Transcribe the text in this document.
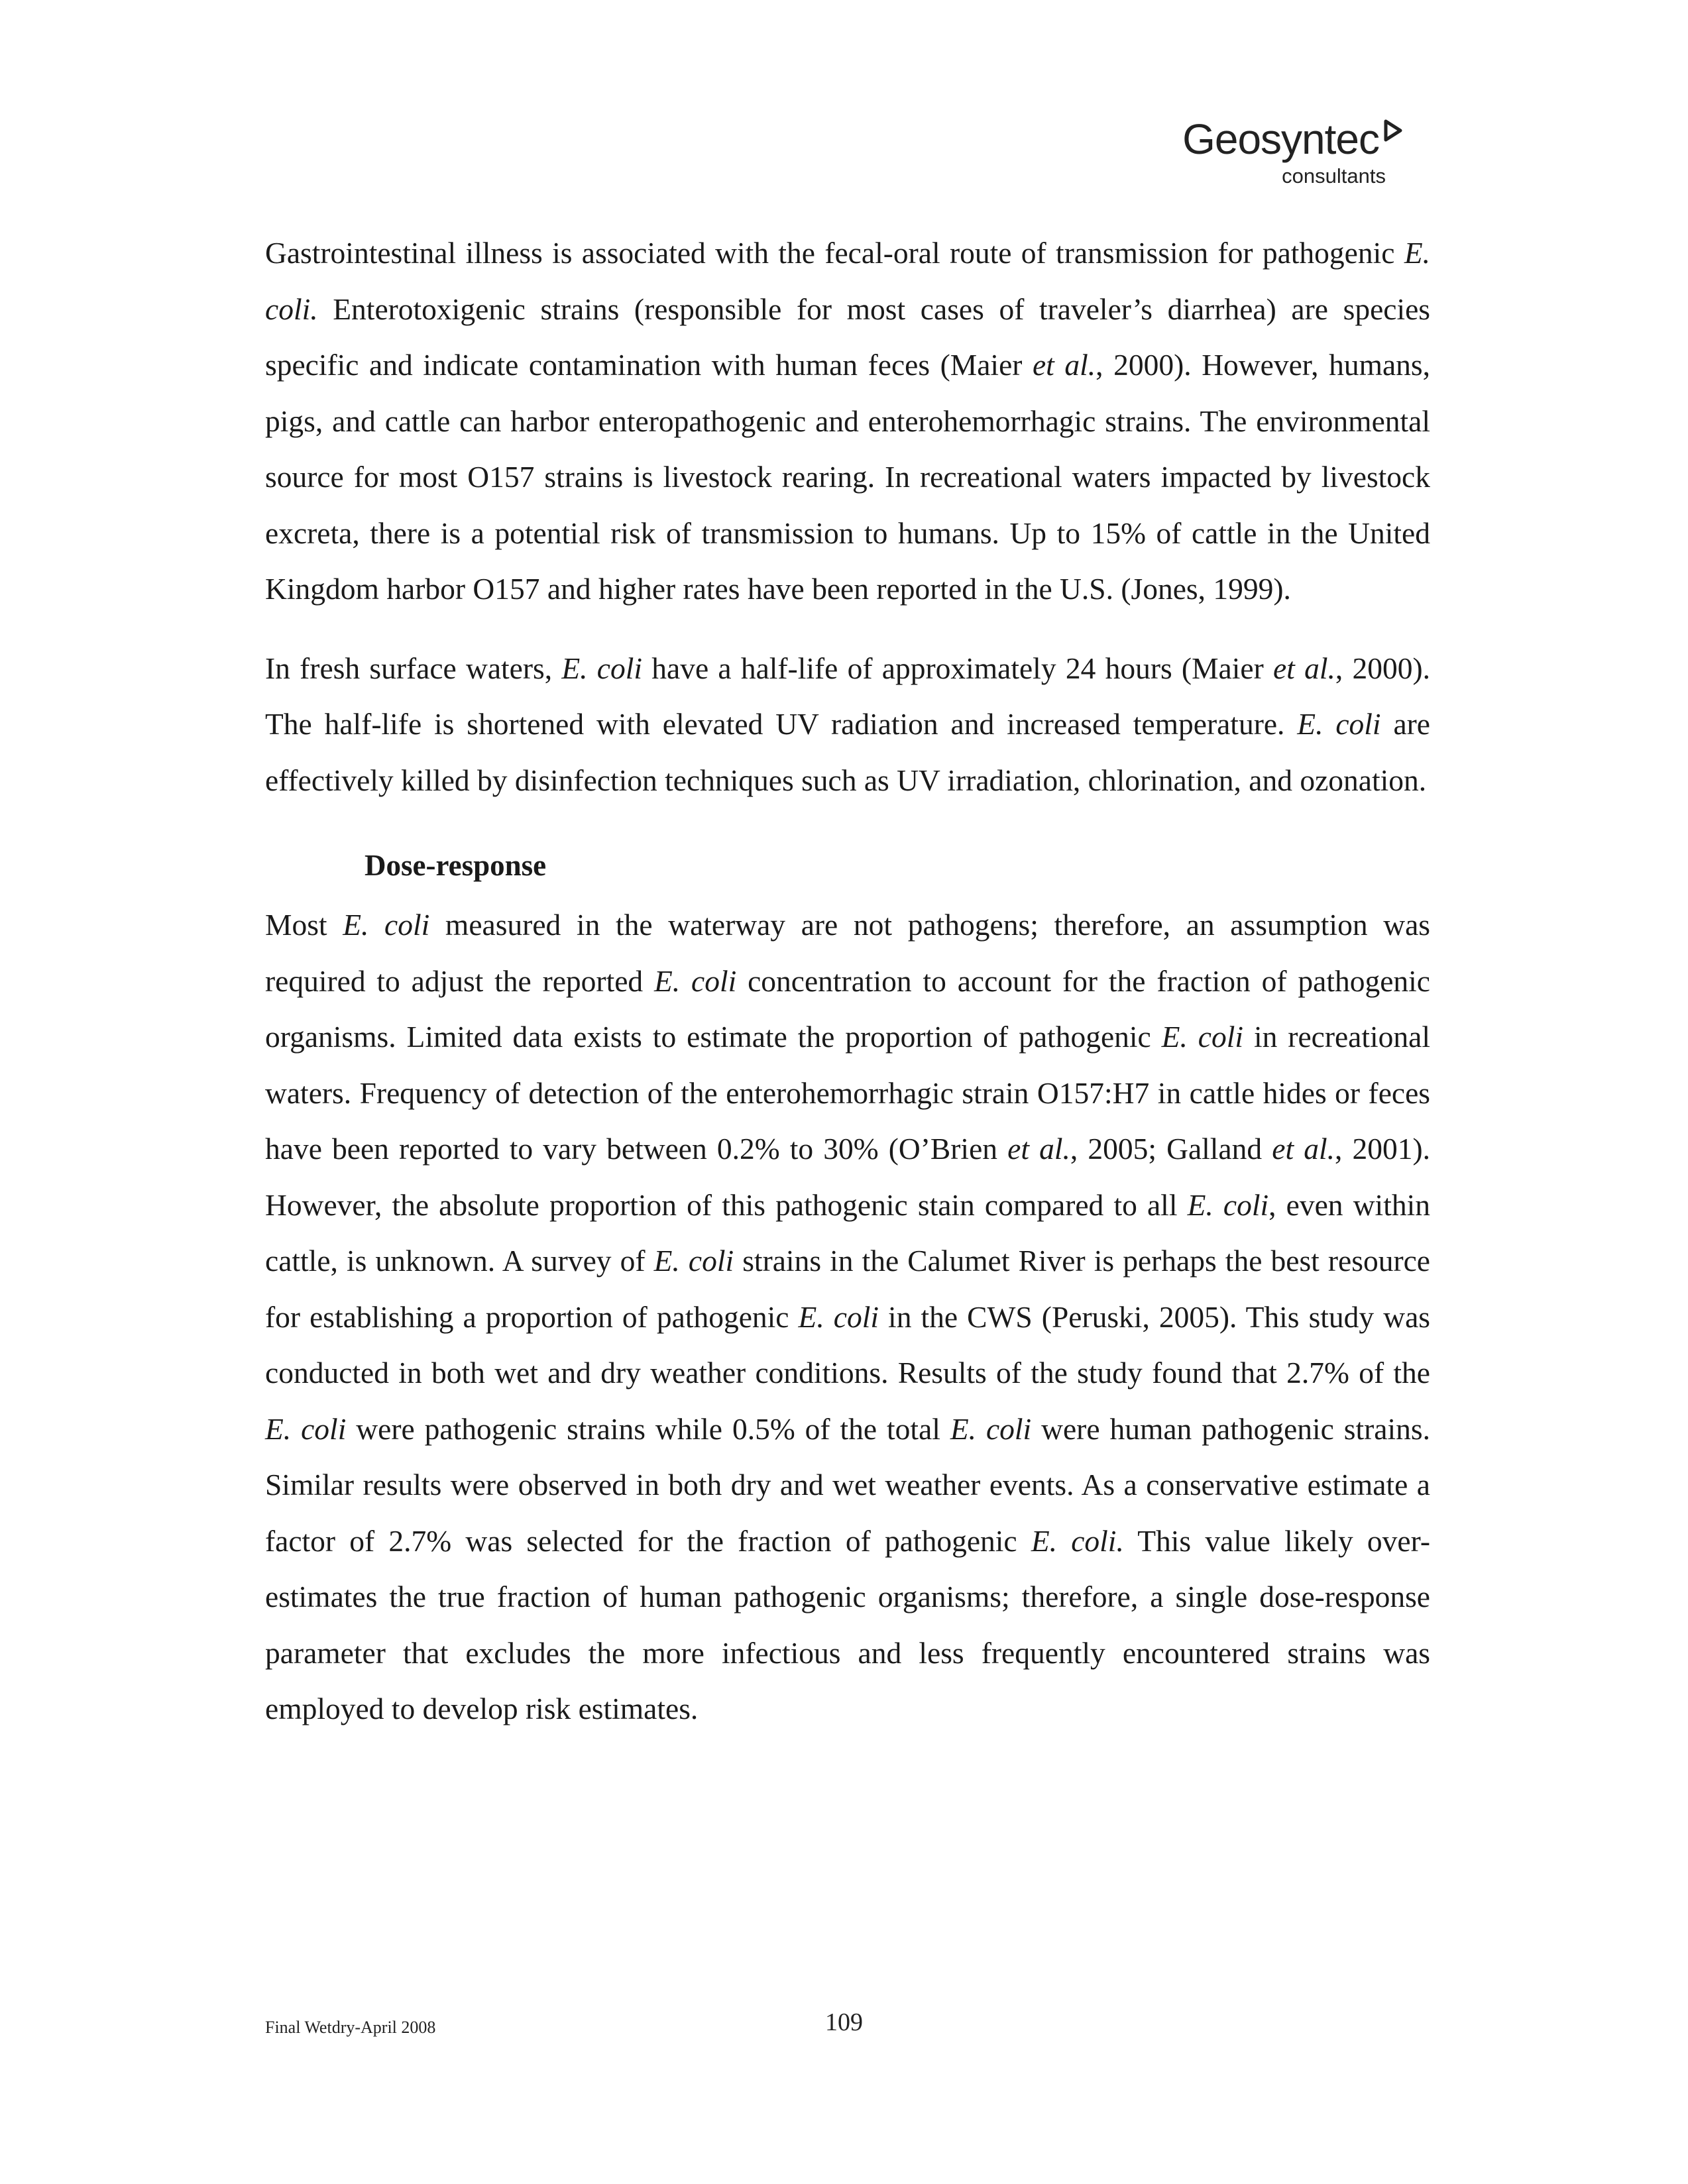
Geosyntec
consultants

Gastrointestinal illness is associated with the fecal-oral route of transmission for pathogenic E. coli. Enterotoxigenic strains (responsible for most cases of traveler’s diarrhea) are species specific and indicate contamination with human feces (Maier et al., 2000). However, humans, pigs, and cattle can harbor enteropathogenic and enterohemorrhagic strains. The environmental source for most O157 strains is livestock rearing. In recreational waters impacted by livestock excreta, there is a potential risk of transmission to humans. Up to 15% of cattle in the United Kingdom harbor O157 and higher rates have been reported in the U.S. (Jones, 1999).

In fresh surface waters, E. coli have a half-life of approximately 24 hours (Maier et al., 2000). The half-life is shortened with elevated UV radiation and increased temperature. E. coli are effectively killed by disinfection techniques such as UV irradiation, chlorination, and ozonation.

Dose-response

Most E. coli measured in the waterway are not pathogens; therefore, an assumption was required to adjust the reported E. coli concentration to account for the fraction of pathogenic organisms. Limited data exists to estimate the proportion of pathogenic E. coli in recreational waters. Frequency of detection of the enterohemorrhagic strain O157:H7 in cattle hides or feces have been reported to vary between 0.2% to 30% (O’Brien et al., 2005; Galland et al., 2001). However, the absolute proportion of this pathogenic stain compared to all E. coli, even within cattle, is unknown. A survey of E. coli strains in the Calumet River is perhaps the best resource for establishing a proportion of pathogenic E. coli in the CWS (Peruski, 2005). This study was conducted in both wet and dry weather conditions. Results of the study found that 2.7% of the E. coli were pathogenic strains while 0.5% of the total E. coli were human pathogenic strains. Similar results were observed in both dry and wet weather events. As a conservative estimate a factor of 2.7% was selected for the fraction of pathogenic E. coli. This value likely over-estimates the true fraction of human pathogenic organisms; therefore, a single dose-response parameter that excludes the more infectious and less frequently encountered strains was employed to develop risk estimates.

Final Wetdry-April 2008	109
